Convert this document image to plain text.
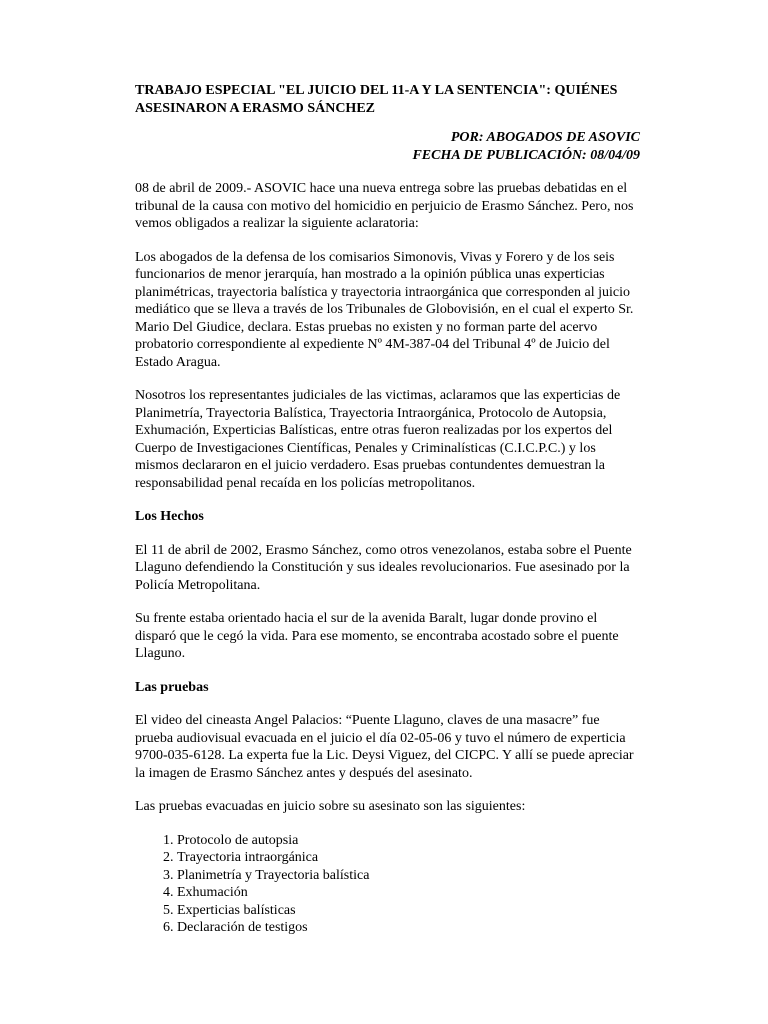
TRABAJO ESPECIAL "EL JUICIO DEL 11-A Y LA SENTENCIA": QUIÉNES ASESINARON A ERASMO SÁNCHEZ
POR: ABOGADOS DE ASOVIC
FECHA DE PUBLICACIÓN: 08/04/09

08 de abril de 2009.- ASOVIC hace una nueva entrega sobre las pruebas debatidas en el tribunal de la causa con motivo del homicidio en perjuicio de Erasmo Sánchez. Pero, nos vemos obligados a realizar la siguiente aclaratoria:

Los abogados de la defensa de los comisarios Simonovis, Vivas y Forero y de los seis funcionarios de menor jerarquía, han mostrado a la opinión pública unas experticias planimétricas, trayectoria balística y trayectoria intraorgánica que corresponden al juicio mediático que se lleva a través de los Tribunales de Globovisión, en el cual el experto Sr. Mario Del Giudice, declara. Estas pruebas no existen y no forman parte del acervo probatorio correspondiente al expediente Nº 4M-387-04 del Tribunal 4º de Juicio del Estado Aragua.

Nosotros los representantes judiciales de las victimas, aclaramos que las experticias de Planimetría, Trayectoria Balística, Trayectoria Intraorgánica, Protocolo de Autopsia, Exhumación, Experticias Balísticas, entre otras fueron realizadas por los expertos del Cuerpo de Investigaciones Científicas, Penales y Criminalísticas (C.I.C.P.C.) y los mismos declararon en el juicio verdadero. Esas pruebas contundentes demuestran la responsabilidad penal recaída en los policías metropolitanos.

Los Hechos

El 11 de abril de 2002, Erasmo Sánchez, como otros venezolanos, estaba sobre el Puente Llaguno defendiendo la Constitución y sus ideales revolucionarios. Fue asesinado por la Policía Metropolitana.

Su frente estaba orientado hacia el sur de la avenida Baralt, lugar donde provino el disparó que le cegó la vida. Para ese momento, se encontraba acostado sobre el puente Llaguno.

Las pruebas

El video del cineasta Angel Palacios: “Puente Llaguno, claves de una masacre” fue prueba audiovisual evacuada en el juicio el día 02-05-06 y tuvo el número de experticia 9700-035-6128. La experta fue la Lic. Deysi Viguez, del CICPC. Y allí se puede apreciar la imagen de Erasmo Sánchez antes y después del asesinato.

Las pruebas evacuadas en juicio sobre su asesinato son las siguientes:

1. Protocolo de autopsia
2. Trayectoria intraorgánica
3. Planimetría y Trayectoria balística
4. Exhumación
5. Experticias balísticas
6. Declaración de testigos
